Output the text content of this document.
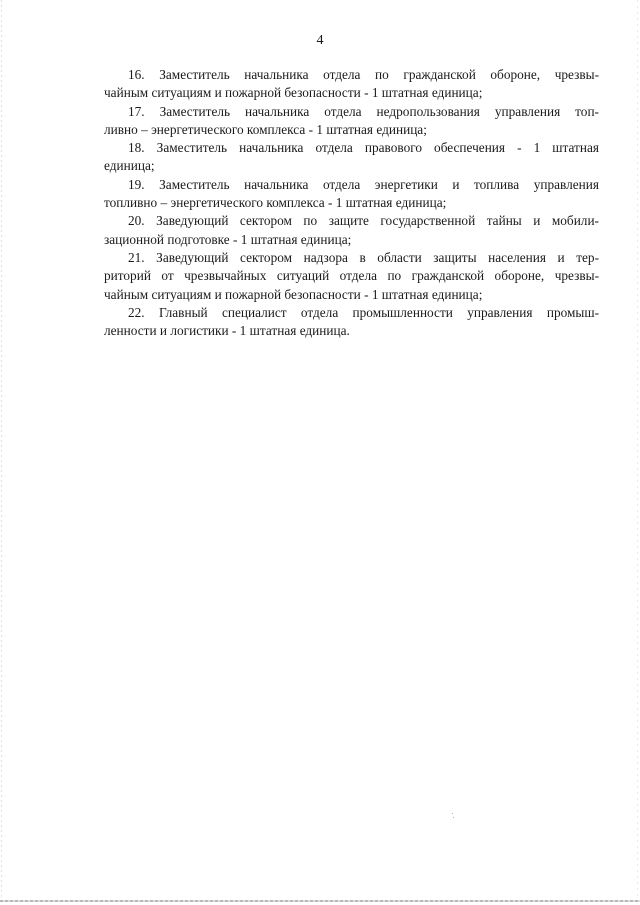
4
16. Заместитель начальника отдела по гражданской обороне, чрезвы-
чайным ситуациям и пожарной безопасности - 1 штатная единица;
17. Заместитель начальника отдела недропользования управления топ-
ливно – энергетического комплекса - 1 штатная единица;
18. Заместитель начальника отдела правового обеспечения - 1 штатная
единица;
19. Заместитель начальника отдела энергетики и топлива управления
топливно – энергетического комплекса - 1 штатная единица;
20. Заведующий сектором по защите государственной тайны и мобили-
зационной подготовке - 1 штатная единица;
21. Заведующий сектором надзора в области защиты населения и тер-
риторий от чрезвычайных ситуаций отдела по гражданской обороне, чрезвы-
чайным ситуациям и пожарной безопасности - 1 штатная единица;
22. Главный специалист отдела промышленности управления промыш-
ленности и логистики - 1 штатная единица.
